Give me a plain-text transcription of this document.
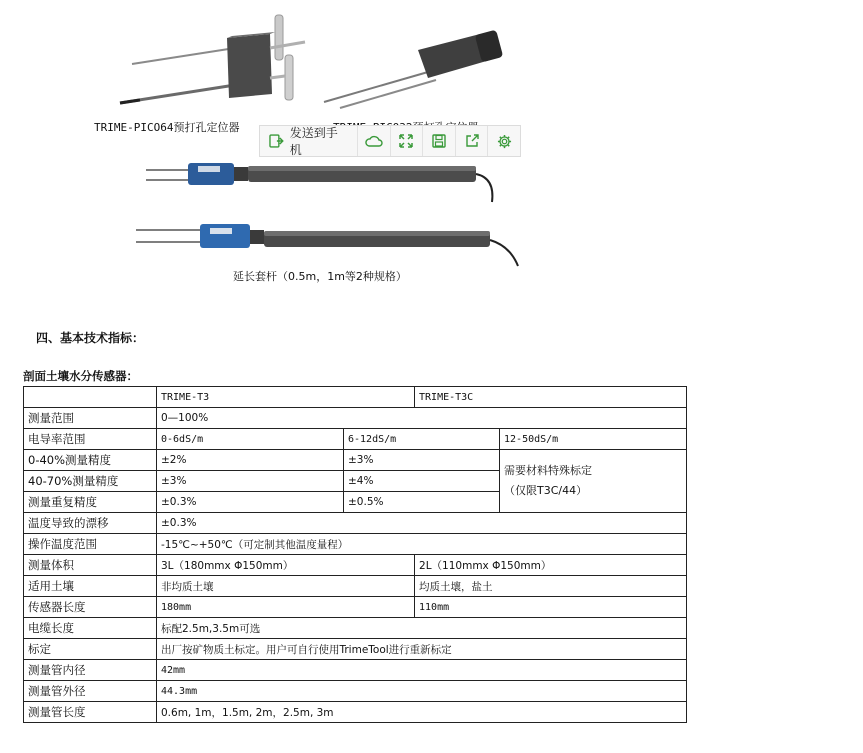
TRIME-PICO64预打孔定位器	发送到手机
延长套杆（0.5m，1m等2种规格）
四、基本技术指标：
剖面土壤水分传感器：
	TRIME-T3		TRIME-T3C	
测量范围	0—100%			
电导率范围	0-6dS/m	6-12dS/m		12-50dS/m
0-40%测量精度	±2%	±3%		需要材料特殊标定
（仅限T3C/44）

40-70%测量精度	±3%	±4%		
测量重复精度	±0.3%	±0.5%		
温度导致的漂移	±0.3%			
操作温度范围	-15℃~+50℃（可定制其他温度量程）			
测量体积	3L（180mmx Φ150mm）		2L（110mmx Φ150mm）	
适用土壤	非均质土壤		均质土壤，盐土	
传感器长度	180mm		110mm	
电缆长度	标配2.5m,3.5m可选			
标定	出厂按矿物质土标定。用户可自行使用TrimeTool进行重新标定			
测量管内径	42mm			
测量管外径	44.3mm			
测量管长度	0.6m, 1m，1.5m, 2m，2.5m, 3m			
